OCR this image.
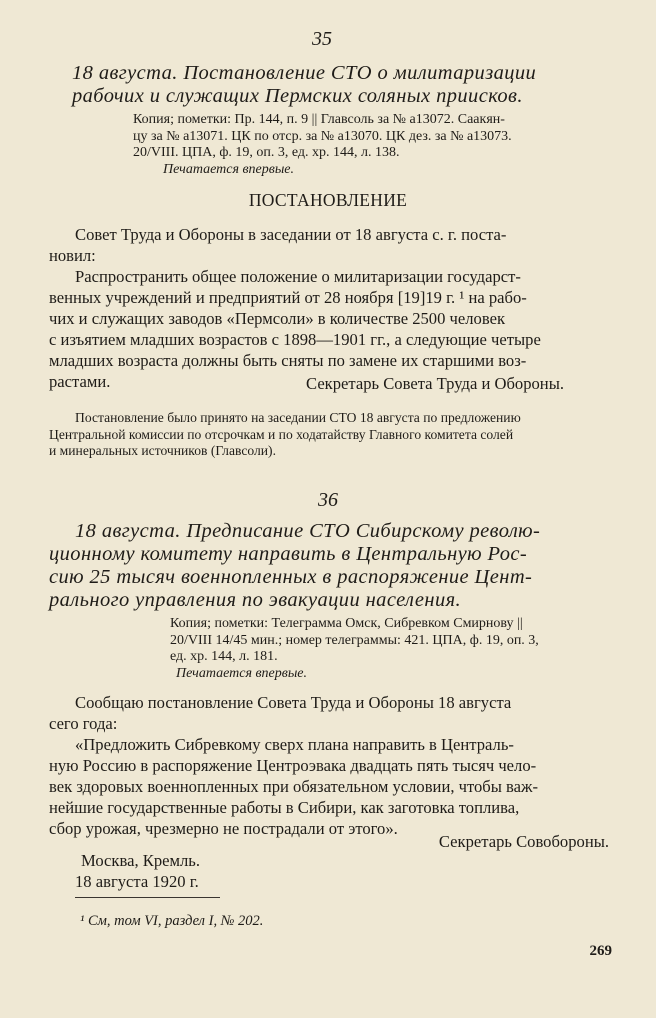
35
18 августа. Постановление СТО о милитаризации
рабочих и служащих Пермских соляных приисков.
Копия; пометки: Пр. 144, п. 9 || Главсоль за № а13072. Саакян-
цу за № а13071. ЦК по отср. за № а13070. ЦК дез. за № а13073.
20/VIII. ЦПА, ф. 19, оп. 3, ед. хр. 144, л. 138.
Печатается впервые.
ПОСТАНОВЛЕНИЕ
Совет Труда и Обороны в заседании от 18 августа с. г. поста-
новил:
Распространить общее положение о милитаризации государст-
венных учреждений и предприятий от 28 ноября [19]19 г. ¹ на рабо-
чих и служащих заводов «Пермсоли» в количестве 2500 человек
с изъятием младших возрастов с 1898—1901 гг., а следующие четыре
младших возраста должны быть сняты по замене их старшими воз-
растами.	Секретарь Совета Труда и Обороны.
Постановление было принято на заседании СТО 18 августа по предложению
Центральной комиссии по отсрочкам и по ходатайству Главного комитета солей
и минеральных источников (Главсоли).
36
18 августа. Предписание СТО Сибирскому револю-
ционному комитету направить в Центральную Рос-
сию 25 тысяч военнопленных в распоряжение Цент-
рального управления по эвакуации населения.
Копия; пометки: Телеграмма Омск, Сибревком Смирнову ||
20/VIII 14/45 мин.; номер телеграммы: 421. ЦПА, ф. 19, оп. 3,
ед. хр. 144, л. 181.
Печатается впервые.
Сообщаю постановление Совета Труда и Обороны 18 августа
сего года:
«Предложить Сибревкому сверх плана направить в Централь-
ную Россию в распоряжение Центроэвака двадцать пять тысяч чело-
век здоровых военнопленных при обязательном условии, чтобы важ-
нейшие государственные работы в Сибири, как заготовка топлива,
сбор урожая, чрезмерно не пострадали от этого».
Секретарь Совобороны.
Москва, Кремль.
18 августа 1920 г.
¹ См, том VI, раздел I, № 202.
269
